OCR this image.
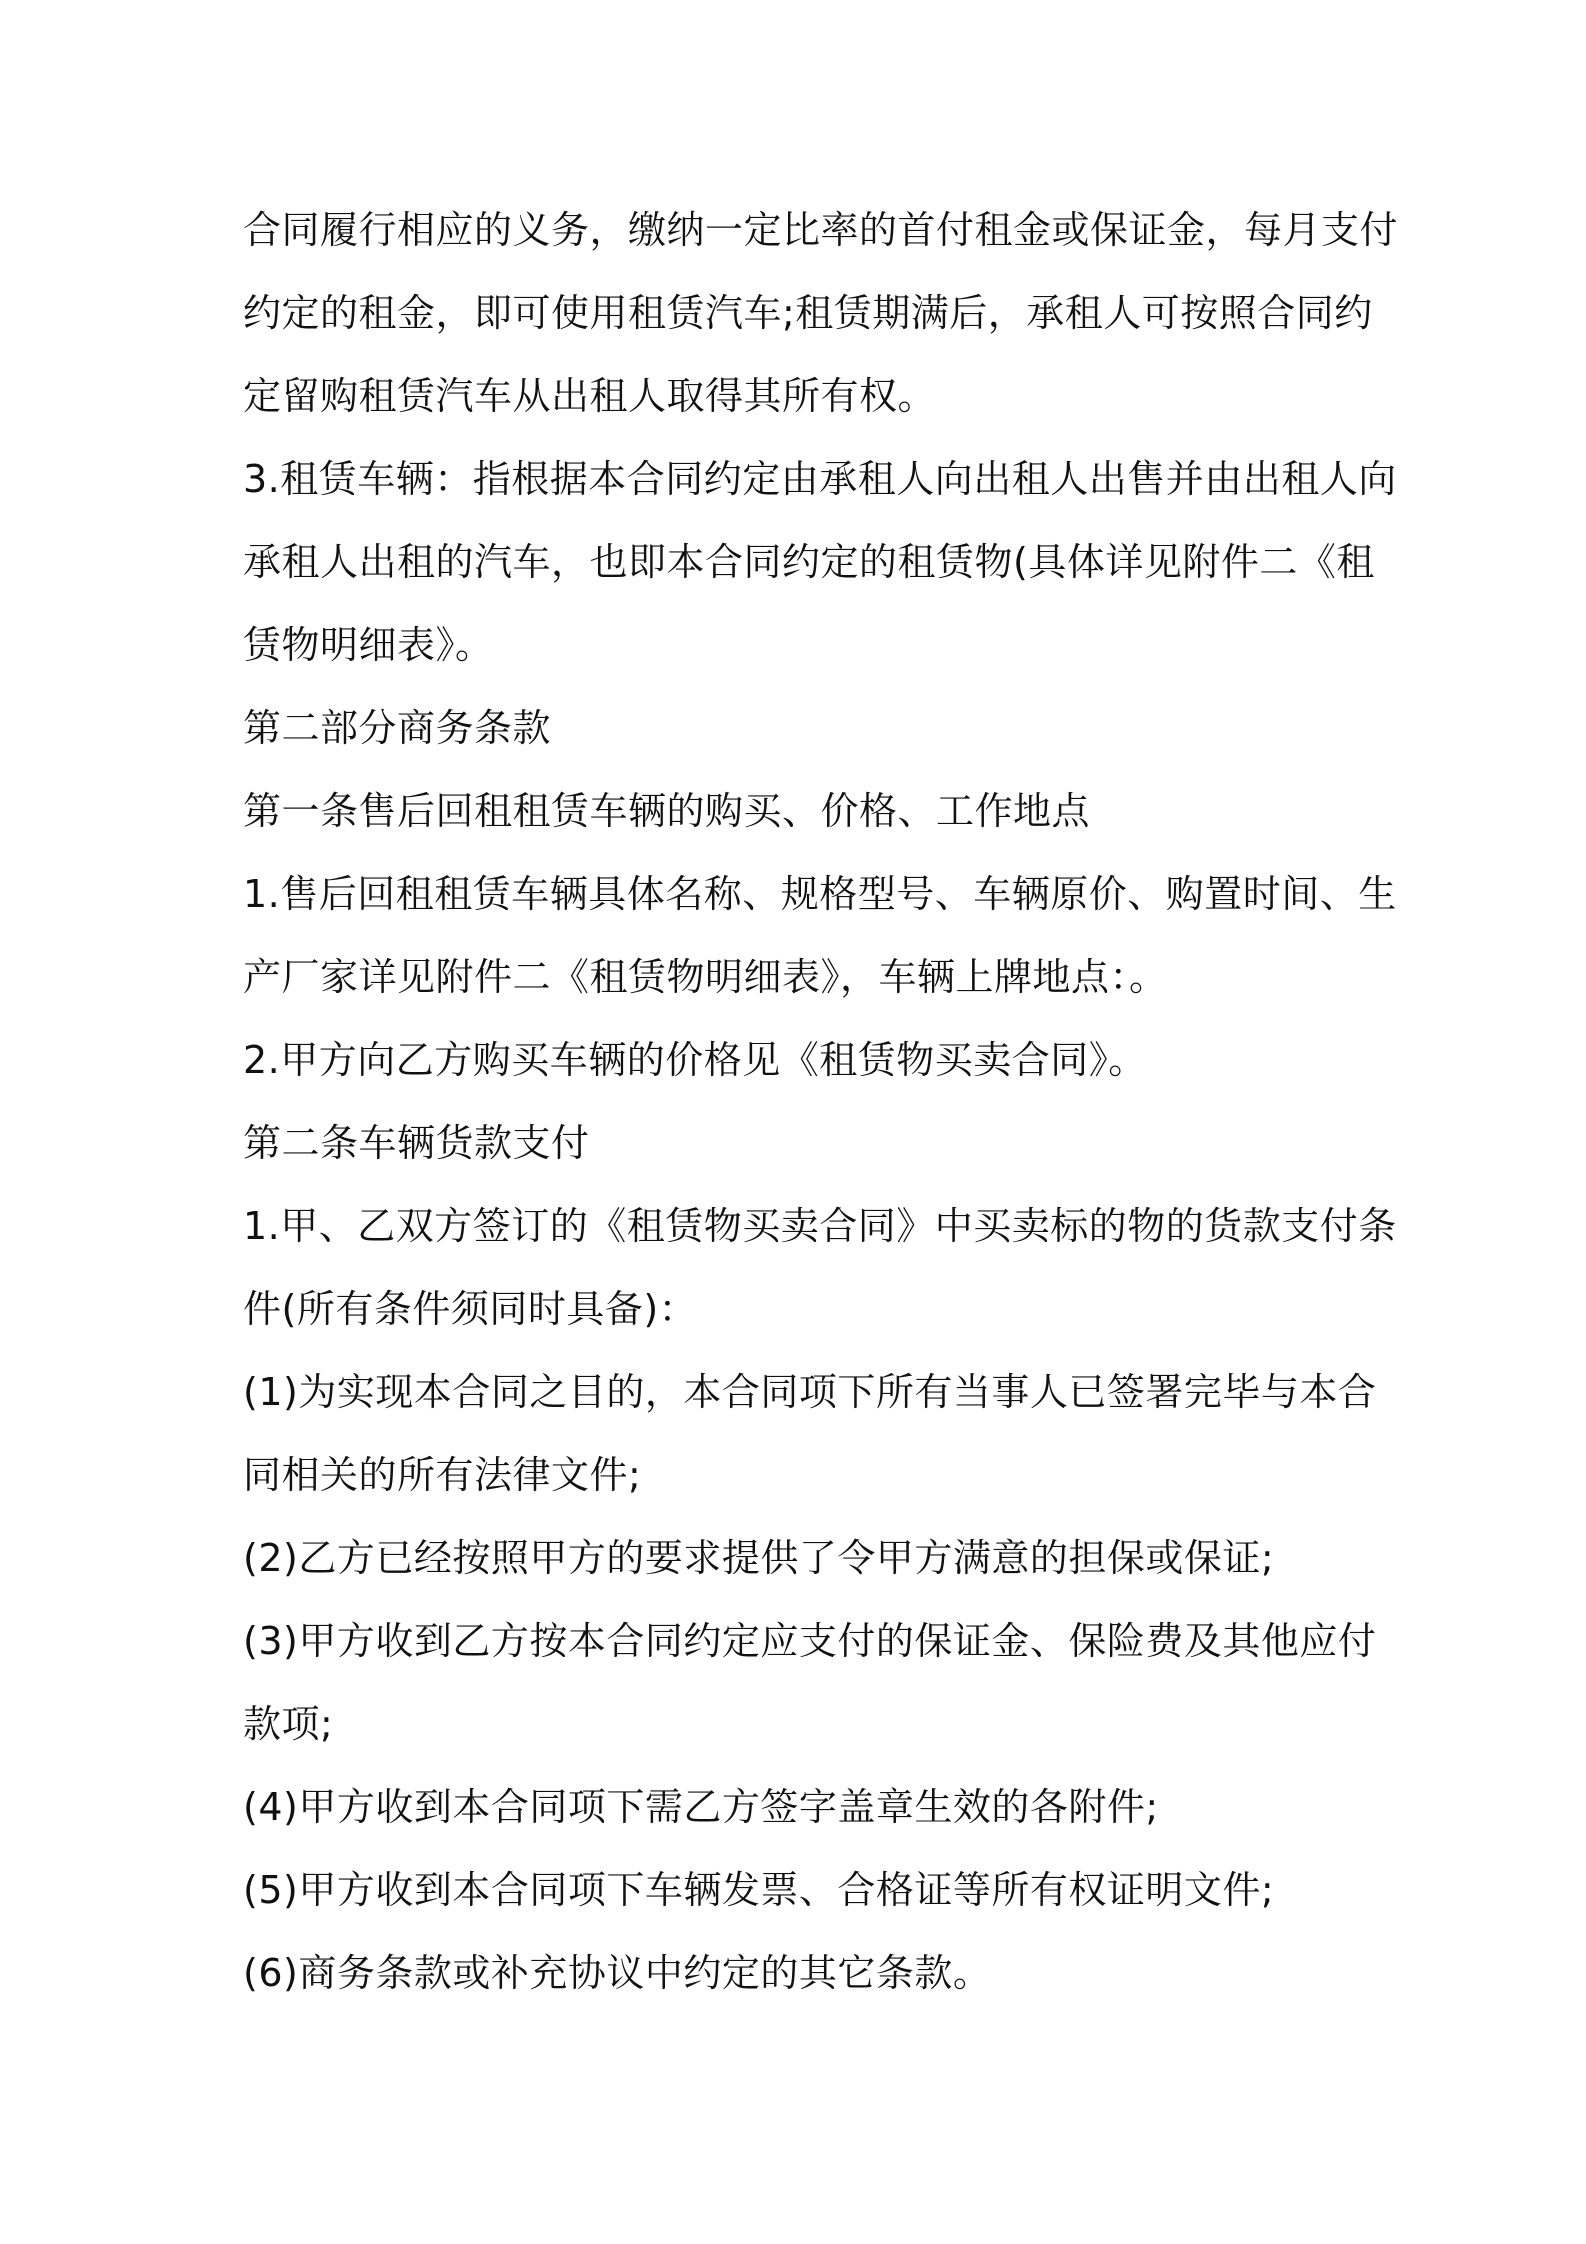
合同履行相应的义务，缴纳一定比率的首付租金或保证金，每月支付
约定的租金，即可使用租赁汽车;租赁期满后，承租人可按照合同约
定留购租赁汽车从出租人取得其所有权。
3.租赁车辆：指根据本合同约定由承租人向出租人出售并由出租人向
承租人出租的汽车，也即本合同约定的租赁物(具体详见附件二《租
赁物明细表》。
第二部分商务条款
第一条售后回租租赁车辆的购买、价格、工作地点
1.售后回租租赁车辆具体名称、规格型号、车辆原价、购置时间、生
产厂家详见附件二《租赁物明细表》，车辆上牌地点：。
2.甲方向乙方购买车辆的价格见《租赁物买卖合同》。
第二条车辆货款支付
1.甲、乙双方签订的《租赁物买卖合同》中买卖标的物的货款支付条
件(所有条件须同时具备)：
(1)为实现本合同之目的，本合同项下所有当事人已签署完毕与本合
同相关的所有法律文件;
(2)乙方已经按照甲方的要求提供了令甲方满意的担保或保证;
(3)甲方收到乙方按本合同约定应支付的保证金、保险费及其他应付
款项;
(4)甲方收到本合同项下需乙方签字盖章生效的各附件;
(5)甲方收到本合同项下车辆发票、合格证等所有权证明文件;
(6)商务条款或补充协议中约定的其它条款。
